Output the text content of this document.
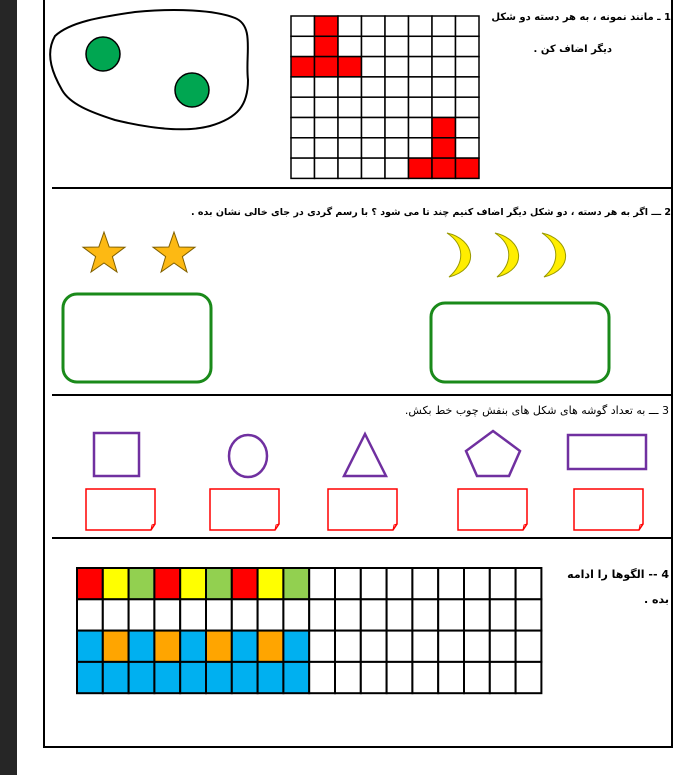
1 ـ مانند نمونه ، به هر دسته دو شکل
دیگر اضاف کن .
2 ـــ اگر به هر دسته ، دو شکل دیگر اضاف کنیم چند تا می شود ؟ با رسم گردی در جای خالی نشان بده .
3 ـــ به تعداد گوشه های شکل های بنفش چوب خط بکش.
4 -- الگوها را ادامه
بده .
